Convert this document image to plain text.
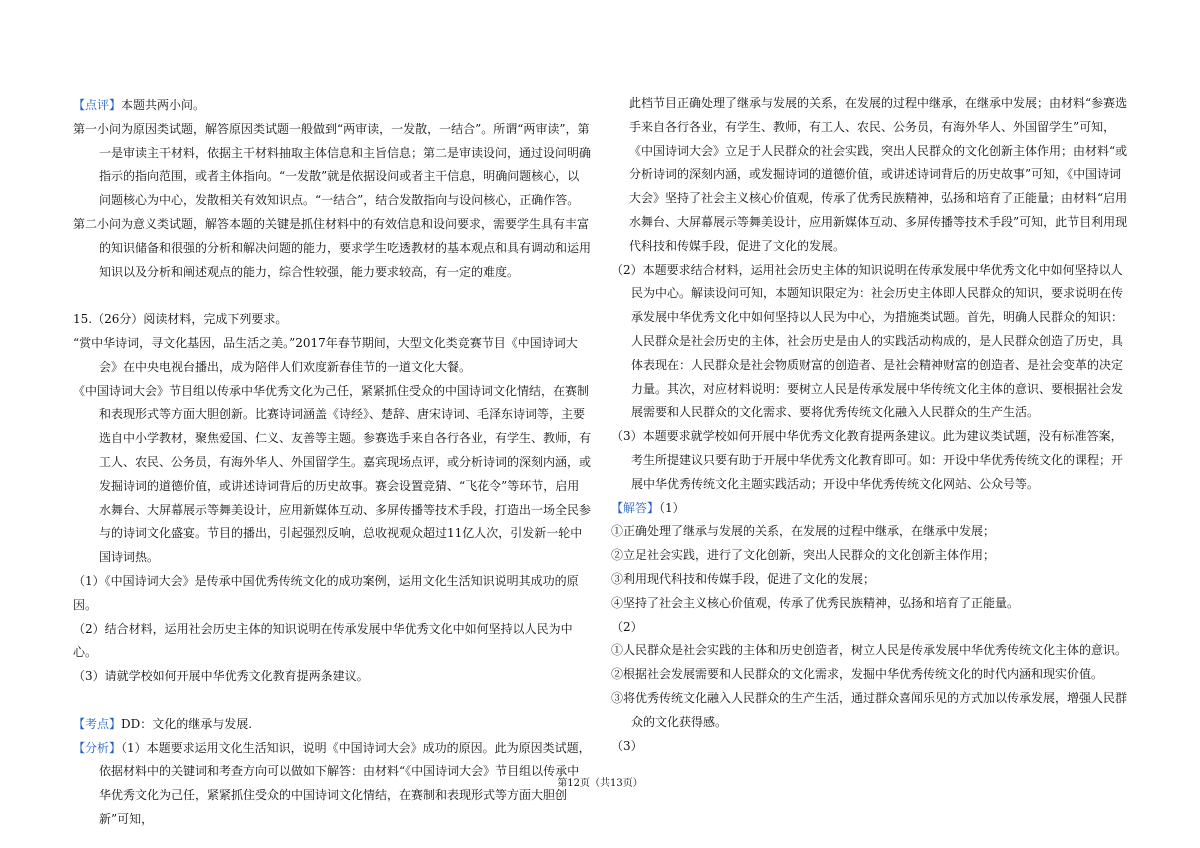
【点评】本题共两小问。

第一小问为原因类试题，解答原因类试题一般做到“两审读，一发散，一结合”。所谓“两审读”，第一是审读主干材料，依据主干材料抽取主体信息和主旨信息；第二是审读设问，通过设问明确指示的指向范围，或者主体指向。“一发散”就是依据设问或者主干信息，明确问题核心，以问题核心为中心，发散相关有效知识点。“一结合”，结合发散指向与设问核心，正确作答。

第二小问为意义类试题，解答本题的关键是抓住材料中的有效信息和设问要求，需要学生具有丰富的知识储备和很强的分析和解决问题的能力，要求学生吃透教材的基本观点和具有调动和运用知识以及分析和阐述观点的能力，综合性较强，能力要求较高，有一定的难度。

15.（26分）阅读材料，完成下列要求。

“赏中华诗词，寻文化基因，品生活之美。”2017年春节期间，大型文化类竞赛节目《中国诗词大会》在中央电视台播出，成为陪伴人们欢度新春佳节的一道文化大餐。

《中国诗词大会》节目组以传承中华优秀文化为己任，紧紧抓住受众的中国诗词文化情结，在赛制和表现形式等方面大胆创新。比赛诗词涵盖《诗经》、楚辞、唐宋诗词、毛泽东诗词等，主要选自中小学教材，聚焦爱国、仁义、友善等主题。参赛选手来自各行各业，有学生、教师，有工人、农民、公务员，有海外华人、外国留学生。嘉宾现场点评，或分析诗词的深刻内涵，或发掘诗词的道德价值，或讲述诗词背后的历史故事。赛会设置竞猜、“飞花令”等环节，启用水舞台、大屏幕展示等舞美设计，应用新媒体互动、多屏传播等技术手段，打造出一场全民参与的诗词文化盛宴。节目的播出，引起强烈反响，总收视观众超过11亿人次，引发新一轮中国诗词热。

（1）《中国诗词大会》是传承中国优秀传统文化的成功案例，运用文化生活知识说明其成功的原因。

（2）结合材料，运用社会历史主体的知识说明在传承发展中华优秀文化中如何坚持以人民为中心。

（3）请就学校如何开展中华优秀文化教育提两条建议。

【考点】DD：文化的继承与发展.

【分析】（1）本题要求运用文化生活知识，说明《中国诗词大会》成功的原因。此为原因类试题，依据材料中的关键词和考查方向可以做如下解答：由材料“《中国诗词大会》节目组以传承中华优秀文化为己任，紧紧抓住受众的中国诗词文化情结，在赛制和表现形式等方面大胆创新”可知，

此档节目正确处理了继承与发展的关系，在发展的过程中继承，在继承中发展；由材料“参赛选手来自各行各业，有学生、教师，有工人、农民、公务员，有海外华人、外国留学生”可知，《中国诗词大会》立足于人民群众的社会实践，突出人民群众的文化创新主体作用；由材料“或分析诗词的深刻内涵，或发掘诗词的道德价值，或讲述诗词背后的历史故事”可知，《中国诗词大会》坚持了社会主义核心价值观，传承了优秀民族精神，弘扬和培育了正能量；由材料“启用水舞台、大屏幕展示等舞美设计，应用新媒体互动、多屏传播等技术手段”可知，此节目利用现代科技和传媒手段，促进了文化的发展。

（2）本题要求结合材料，运用社会历史主体的知识说明在传承发展中华优秀文化中如何坚持以人民为中心。解读设问可知，本题知识限定为：社会历史主体即人民群众的知识，要求说明在传承发展中华优秀文化中如何坚持以人民为中心，为措施类试题。首先，明确人民群众的知识：人民群众是社会历史的主体，社会历史是由人的实践活动构成的，是人民群众创造了历史，具体表现在：人民群众是社会物质财富的创造者、是社会精神财富的创造者、是社会变革的决定力量。其次，对应材料说明：要树立人民是传承发展中华传统文化主体的意识、要根据社会发展需要和人民群众的文化需求、要将优秀传统文化融入人民群众的生产生活。

（3）本题要求就学校如何开展中华优秀文化教育提两条建议。此为建议类试题，没有标准答案，考生所提建议只要有助于开展中华优秀文化教育即可。如：开设中华优秀传统文化的课程；开展中华优秀传统文化主题实践活动；开设中华优秀传统文化网站、公众号等。

【解答】（1）

①正确处理了继承与发展的关系，在发展的过程中继承，在继承中发展；

②立足社会实践，进行了文化创新，突出人民群众的文化创新主体作用；

③利用现代科技和传媒手段，促进了文化的发展；

④坚持了社会主义核心价值观，传承了优秀民族精神，弘扬和培育了正能量。

（2）

①人民群众是社会实践的主体和历史创造者，树立人民是传承发展中华优秀传统文化主体的意识。

②根据社会发展需要和人民群众的文化需求，发掘中华优秀传统文化的时代内涵和现实价值。

③将优秀传统文化融入人民群众的生产生活，通过群众喜闻乐见的方式加以传承发展，增强人民群众的文化获得感。

（3）

第12页（共13页）
